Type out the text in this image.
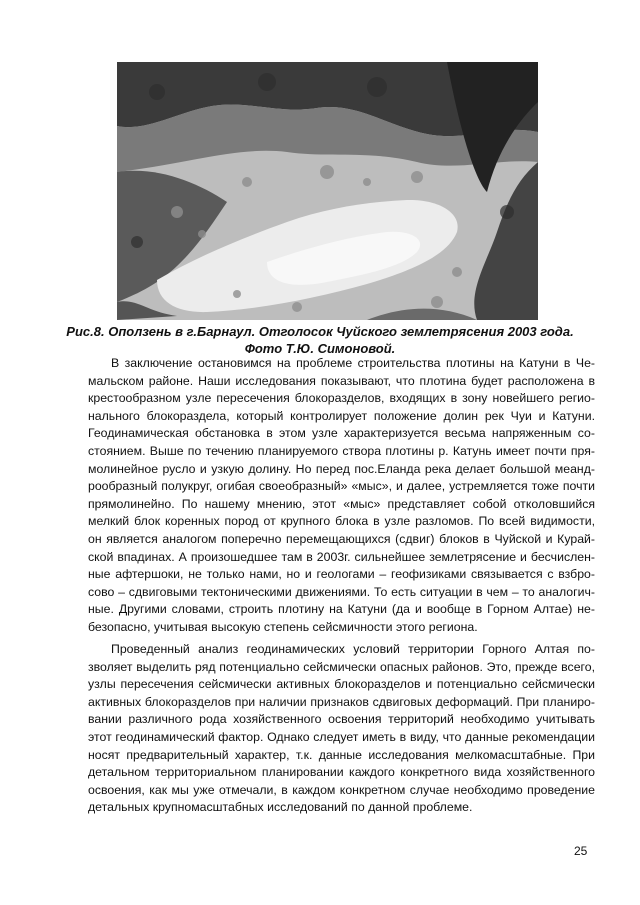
Рис.8. Оползень в г.Барнаул. Отголосок Чуйского землетрясения 2003 года.
Фото Т.Ю. Симоновой.
В заключение остановимся на проблеме строительства плотины на Катуни в Че-
мальском районе. Наши исследования показывают, что плотина будет расположена в
крестообразном узле пересечения блокоразделов, входящих в зону новейшего регио-
нального блокораздела, который контролирует положение долин рек Чуи и Катуни.
Геодинамическая обстановка в этом узле характеризуется весьма напряженным со-
стоянием. Выше по течению планируемого створа плотины р. Катунь имеет почти пря-
молинейное русло и узкую долину. Но перед пос.Еланда река делает большой меанд-
рообразный полукруг, огибая своеобразный» «мыс», и далее, устремляется тоже почти
прямолинейно. По нашему мнению, этот «мыс» представляет собой отколовшийся
мелкий блок коренных пород от крупного блока в узле разломов. По всей видимости,
он является аналогом поперечно перемещающихся (сдвиг) блоков в Чуйской и Курай-
ской впадинах. А произошедшее там в 2003г. сильнейшее землетрясение и бесчислен-
ные афтершоки, не только нами, но и геологами – геофизиками связывается с взбро-
сово – сдвиговыми тектоническими движениями. То есть ситуации в чем – то аналогич-
ные. Другими словами, строить плотину на Катуни (да и вообще в Горном Алтае) не-
безопасно, учитывая высокую степень сейсмичности этого региона.
Проведенный анализ геодинамических условий территории Горного Алтая по-
зволяет выделить ряд потенциально сейсмически опасных районов. Это, прежде всего,
узлы пересечения сейсмически активных блокоразделов и потенциально сейсмически
активных блокоразделов при наличии признаков сдвиговых деформаций. При планиро-
вании различного рода хозяйственного освоения территорий необходимо учитывать
этот геодинамический фактор. Однако следует иметь в виду, что данные рекомендации
носят предварительный характер, т.к. данные исследования мелкомасштабные. При
детальном территориальном планировании каждого конкретного вида хозяйственного
освоения, как мы уже отмечали, в каждом конкретном случае необходимо проведение
детальных крупномасштабных исследований по данной проблеме.
25
